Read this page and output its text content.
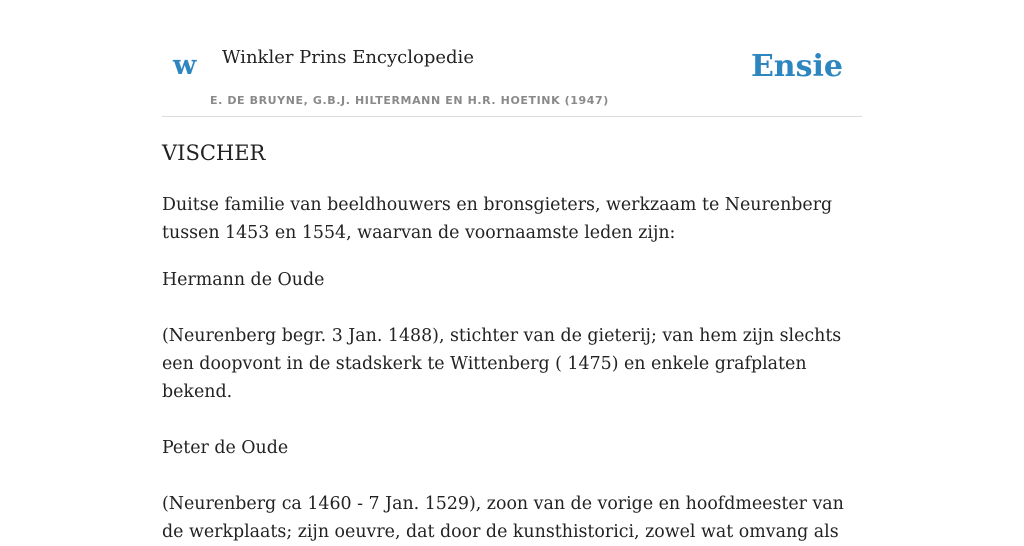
w Winkler Prins Encyclopedie
E. DE BRUYNE, G.B.J. HILTERMANN EN H.R. HOETINK (1947)
Ensie
VISCHER

Duitse familie van beeldhouwers en bronsgieters, werkzaam te Neurenberg tussen 1453 en 1554, waarvan de voornaamste leden zijn:

Hermann de Oude

(Neurenberg begr. 3 Jan. 1488), stichter van de gieterij; van hem zijn slechts een doopvont in de stadskerk te Wittenberg ( 1475) en enkele grafplaten bekend.

Peter de Oude

(Neurenberg ca 1460 - 7 Jan. 1529), zoon van de vorige en hoofdmeester van de werkplaats; zijn oeuvre, dat door de kunsthistorici, zowel wat omvang als
